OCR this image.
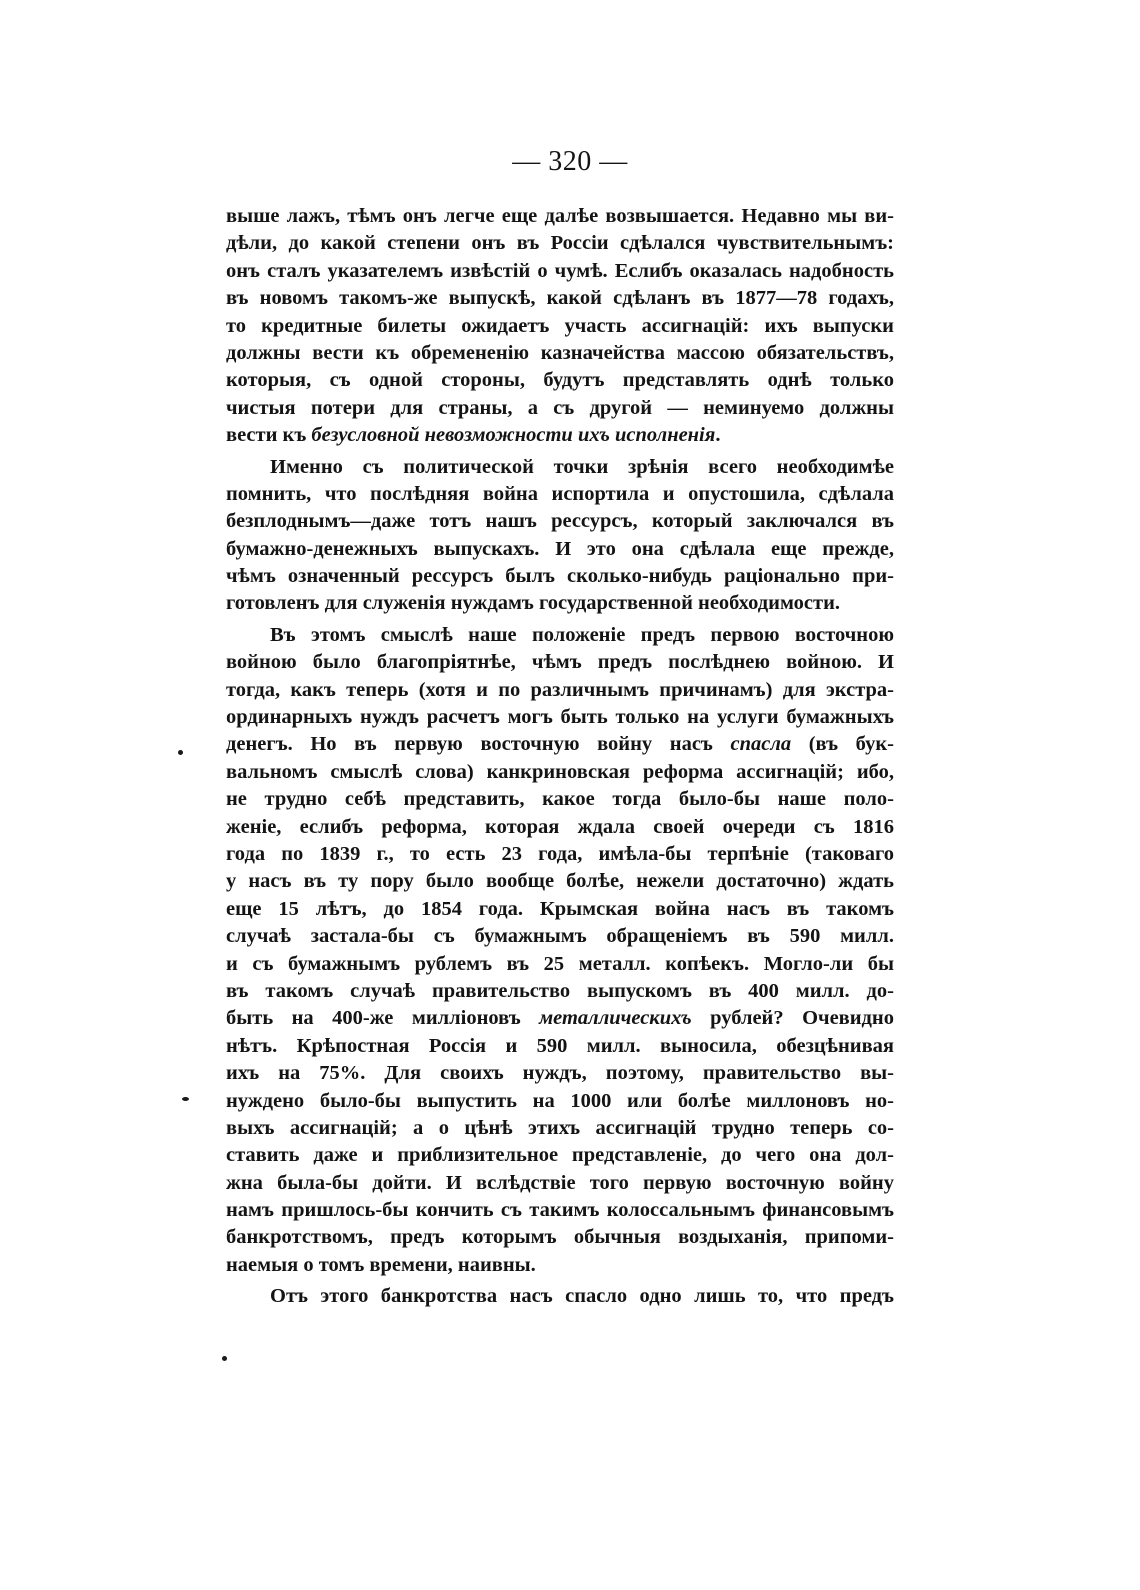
— 320 —
выше лажъ, тѣмъ онъ легче еще далѣе возвышается. Недавно мы ви-
дѣли, до какой степени онъ въ Россіи сдѣлался чувствительнымъ:
онъ сталъ указателемъ извѣстій о чумѣ. Еслибъ оказалась надобность
въ новомъ такомъ-же выпускѣ, какой сдѣланъ въ 1877—78 годахъ,
то кредитные билеты ожидаетъ участь ассигнацій: ихъ выпуски
должны вести къ обремененію казначейства массою обязательствъ,
которыя, съ одной стороны, будутъ представлять однѣ только
чистыя потери для страны, а съ другой — неминуемо должны
вести къ безусловной невозможности ихъ исполненія.
Именно съ политической точки зрѣнія всего необходимѣе
помнить, что послѣдняя война испортила и опустошила, сдѣлала
безплоднымъ—даже тотъ нашъ рессурсъ, который заключался въ
бумажно-денежныхъ выпускахъ. И это она сдѣлала еще прежде,
чѣмъ означенный рессурсъ былъ сколько-нибудь раціонально при-
готовленъ для служенія нуждамъ государственной необходимости.
Въ этомъ смыслѣ наше положеніе предъ первою восточною
войною было благопріятнѣе, чѣмъ предъ послѣднею войною. И
тогда, какъ теперь (хотя и по различнымъ причинамъ) для экстра-
ординарныхъ нуждъ расчетъ могъ быть только на услуги бумажныхъ
денегъ. Но въ первую восточную войну насъ спасла (въ бук-
вальномъ смыслѣ слова) канкриновская реформа ассигнацій; ибо,
не трудно себѣ представить, какое тогда было-бы наше поло-
женіе, еслибъ реформа, которая ждала своей очереди съ 1816
года по 1839 г., то есть 23 года, имѣла-бы терпѣніе (таковаго
у насъ въ ту пору было вообще болѣе, нежели достаточно) ждать
еще 15 лѣтъ, до 1854 года. Крымская война насъ въ такомъ
случаѣ застала-бы съ бумажнымъ обращеніемъ въ 590 милл.
и съ бумажнымъ рублемъ въ 25 металл. копѣекъ. Могло-ли бы
въ такомъ случаѣ правительство выпускомъ въ 400 милл. до-
быть на 400-же милліоновъ металлическихъ рублей? Очевидно
нѣтъ. Крѣпостная Россія и 590 милл. выносила, обезцѣнивая
ихъ на 75%. Для своихъ нуждъ, поэтому, правительство вы-
нуждено было-бы выпустить на 1000 или болѣе миллоновъ но-
выхъ ассигнацій; а о цѣнѣ этихъ ассигнацій трудно теперь со-
ставить даже и приблизительное представленіе, до чего она дол-
жна была-бы дойти. И вслѣдствіе того первую восточную войну
намъ пришлось-бы кончить съ такимъ колоссальнымъ финансовымъ
банкротствомъ, предъ которымъ обычныя воздыханія, припоми-
наемыя о томъ времени, наивны.
Отъ этого банкротства насъ спасло одно лишь то, что предъ
